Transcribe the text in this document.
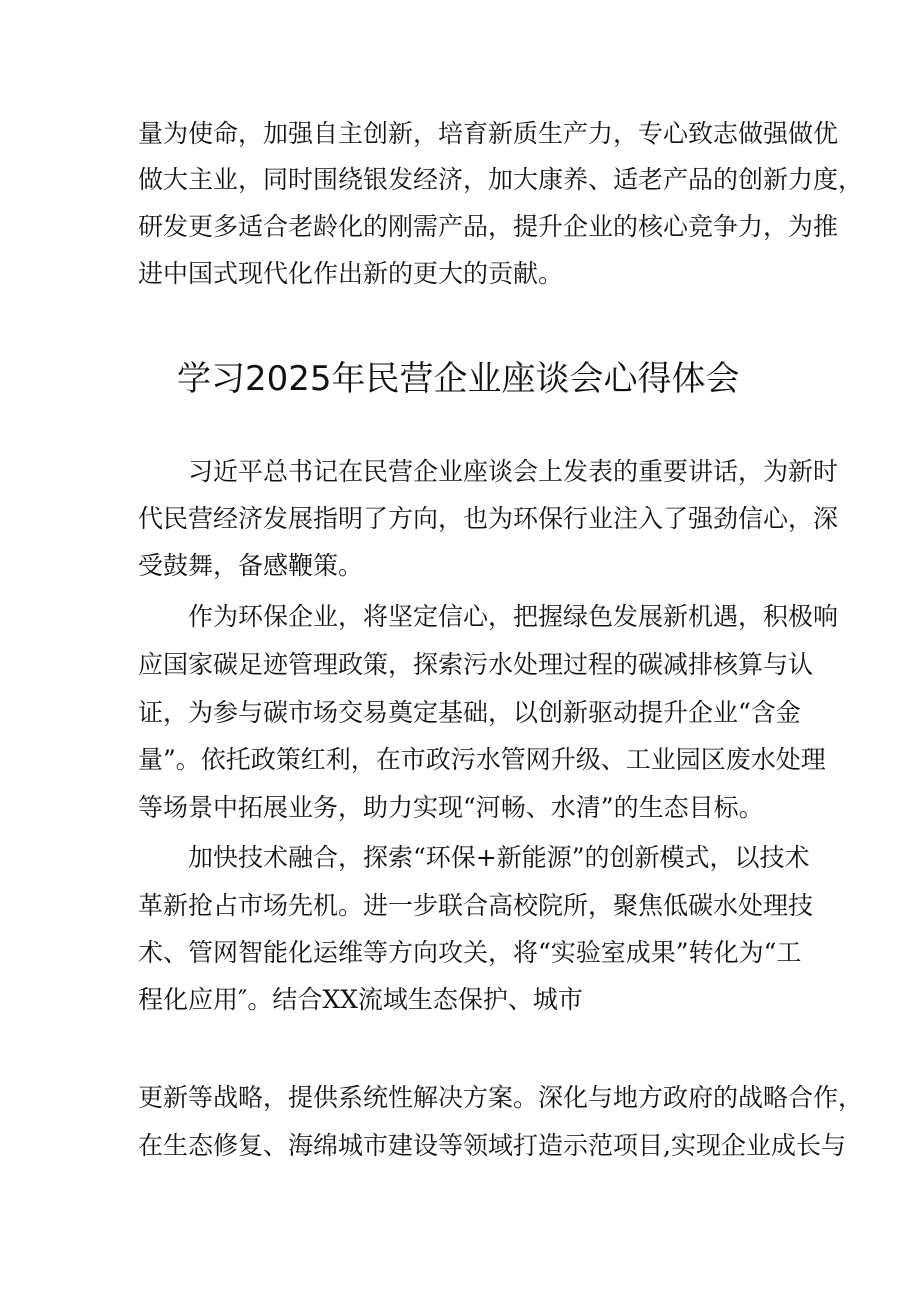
量为使命，加强自主创新，培育新质生产力，专心致志做强做优
做大主业，同时围绕银发经济，加大康养、适老产品的创新力度，
研发更多适合老龄化的刚需产品，提升企业的核心竞争力，为推
进中国式现代化作出新的更大的贡献。
学习2025年民营企业座谈会心得体会
习近平总书记在民营企业座谈会上发表的重要讲话，为新时
代民营经济发展指明了方向，也为环保行业注入了强劲信心，深
受鼓舞，备感鞭策。
作为环保企业，将坚定信心，把握绿色发展新机遇，积极响
应国家碳足迹管理政策，探索污水处理过程的碳减排核算与认
证，为参与碳市场交易奠定基础，以创新驱动提升企业“含金
量”。依托政策红利，在市政污水管网升级、工业园区废水处理
等场景中拓展业务，助力实现“河畅、水清”的生态目标。
加快技术融合，探索“环保+新能源”的创新模式，以技术
革新抢占市场先机。进一步联合高校院所，聚焦低碳水处理技
术、管网智能化运维等方向攻关，将“实验室成果”转化为“工
程化应用″。结合XX流域生态保护、城市
更新等战略，提供系统性解决方案。深化与地方政府的战略合作，
在生态修复、海绵城市建设等领域打造示范项目,实现企业成长与
